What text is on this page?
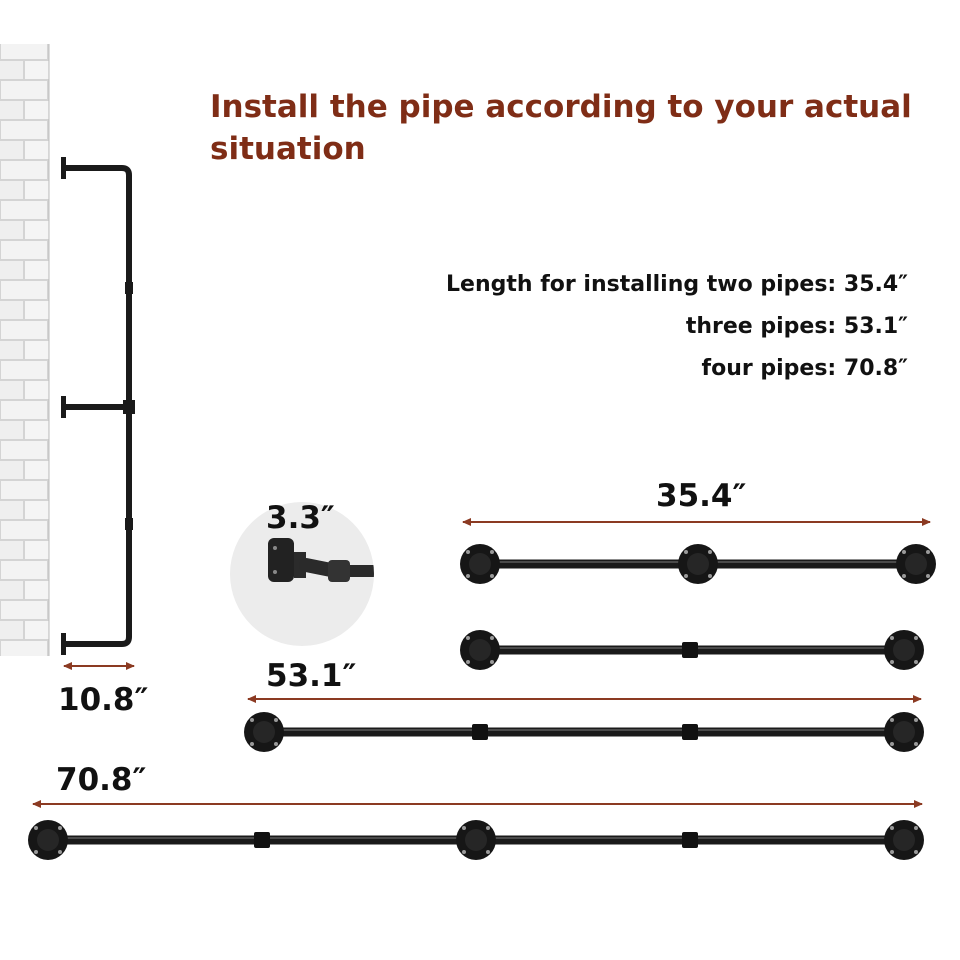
Install the pipe according to your actual situation

Length for installing two pipes: 35.4″

three pipes: 53.1″

four pipes: 70.8″

10.8″

3.3″

35.4″

53.1″

70.8″
